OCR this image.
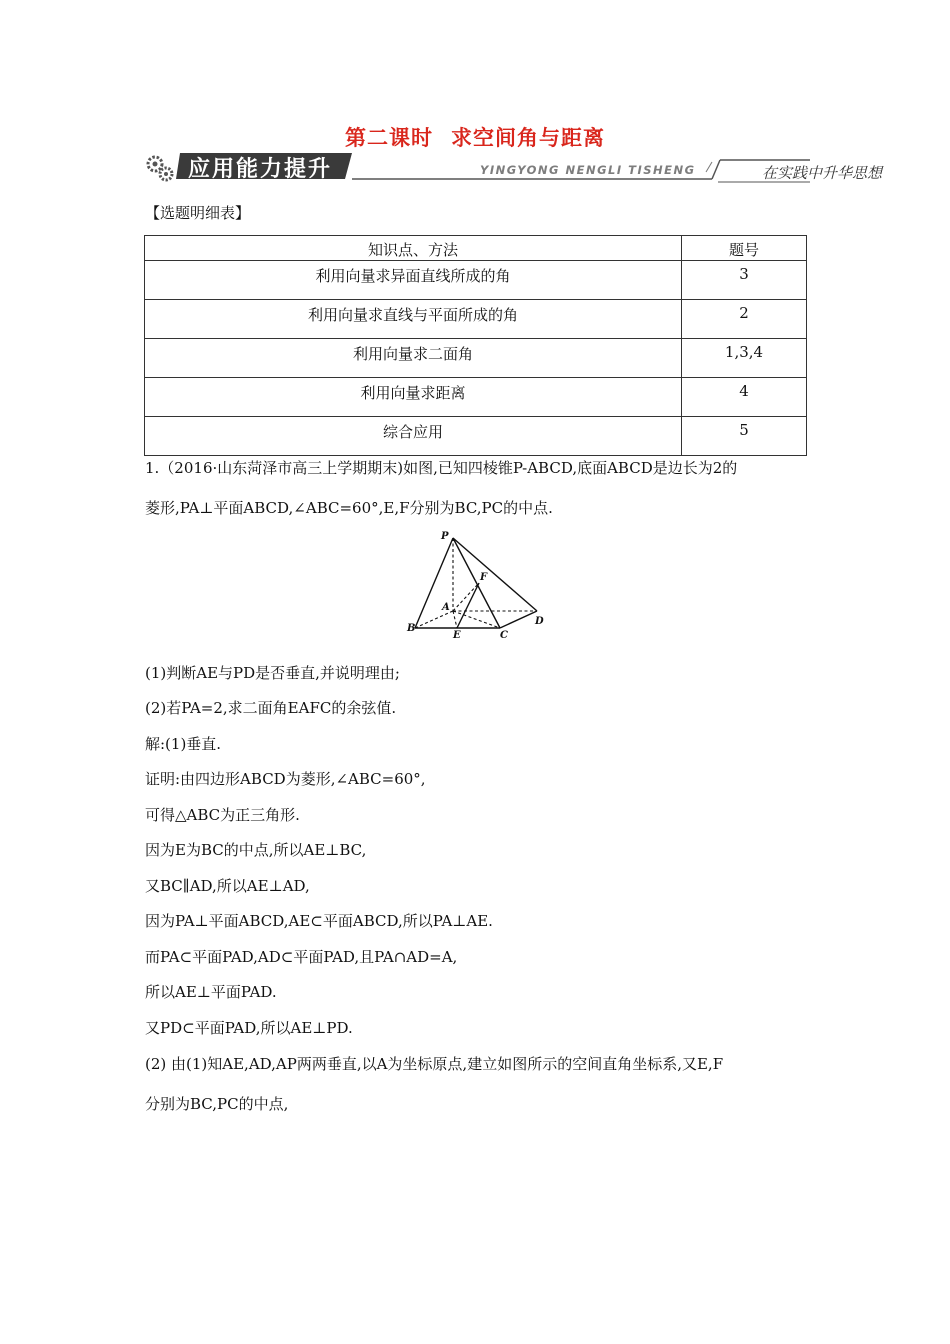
第二课时 求空间角与距离
应用能力提升	YINGYONG NENGLI TISHENG	在实践中升华思想
【选题明细表】
知识点、方法	题号
利用向量求异面直线所成的角	3
利用向量求直线与平面所成的角	2
利用向量求二面角	1,3,4
利用向量求距离	4
综合应用	5
1.（2016·山东菏泽市高三上学期期末)如图,已知四棱锥P-ABCD,底面ABCD是边长为2的
菱形,PA⊥平面ABCD,∠ABC=60°,E,F分别为BC,PC的中点.
P
F
A
B
E	C
D
(1)判断AE与PD是否垂直,并说明理由;
(2)若PA=2,求二面角EAFC的余弦值.
解:(1)垂直.
证明:由四边形ABCD为菱形,∠ABC=60°,
可得△ABC为正三角形.
因为E为BC的中点,所以AE⊥BC,
又BC∥AD,所以AE⊥AD,
因为PA⊥平面ABCD,AE⊂平面ABCD,所以PA⊥AE.
而PA⊂平面PAD,AD⊂平面PAD,且PA∩AD=A,
所以AE⊥平面PAD.
又PD⊂平面PAD,所以AE⊥PD.
(2) 由(1)知AE,AD,AP两两垂直,以A为坐标原点,建立如图所示的空间直角坐标系,又E,F
分别为BC,PC的中点,
